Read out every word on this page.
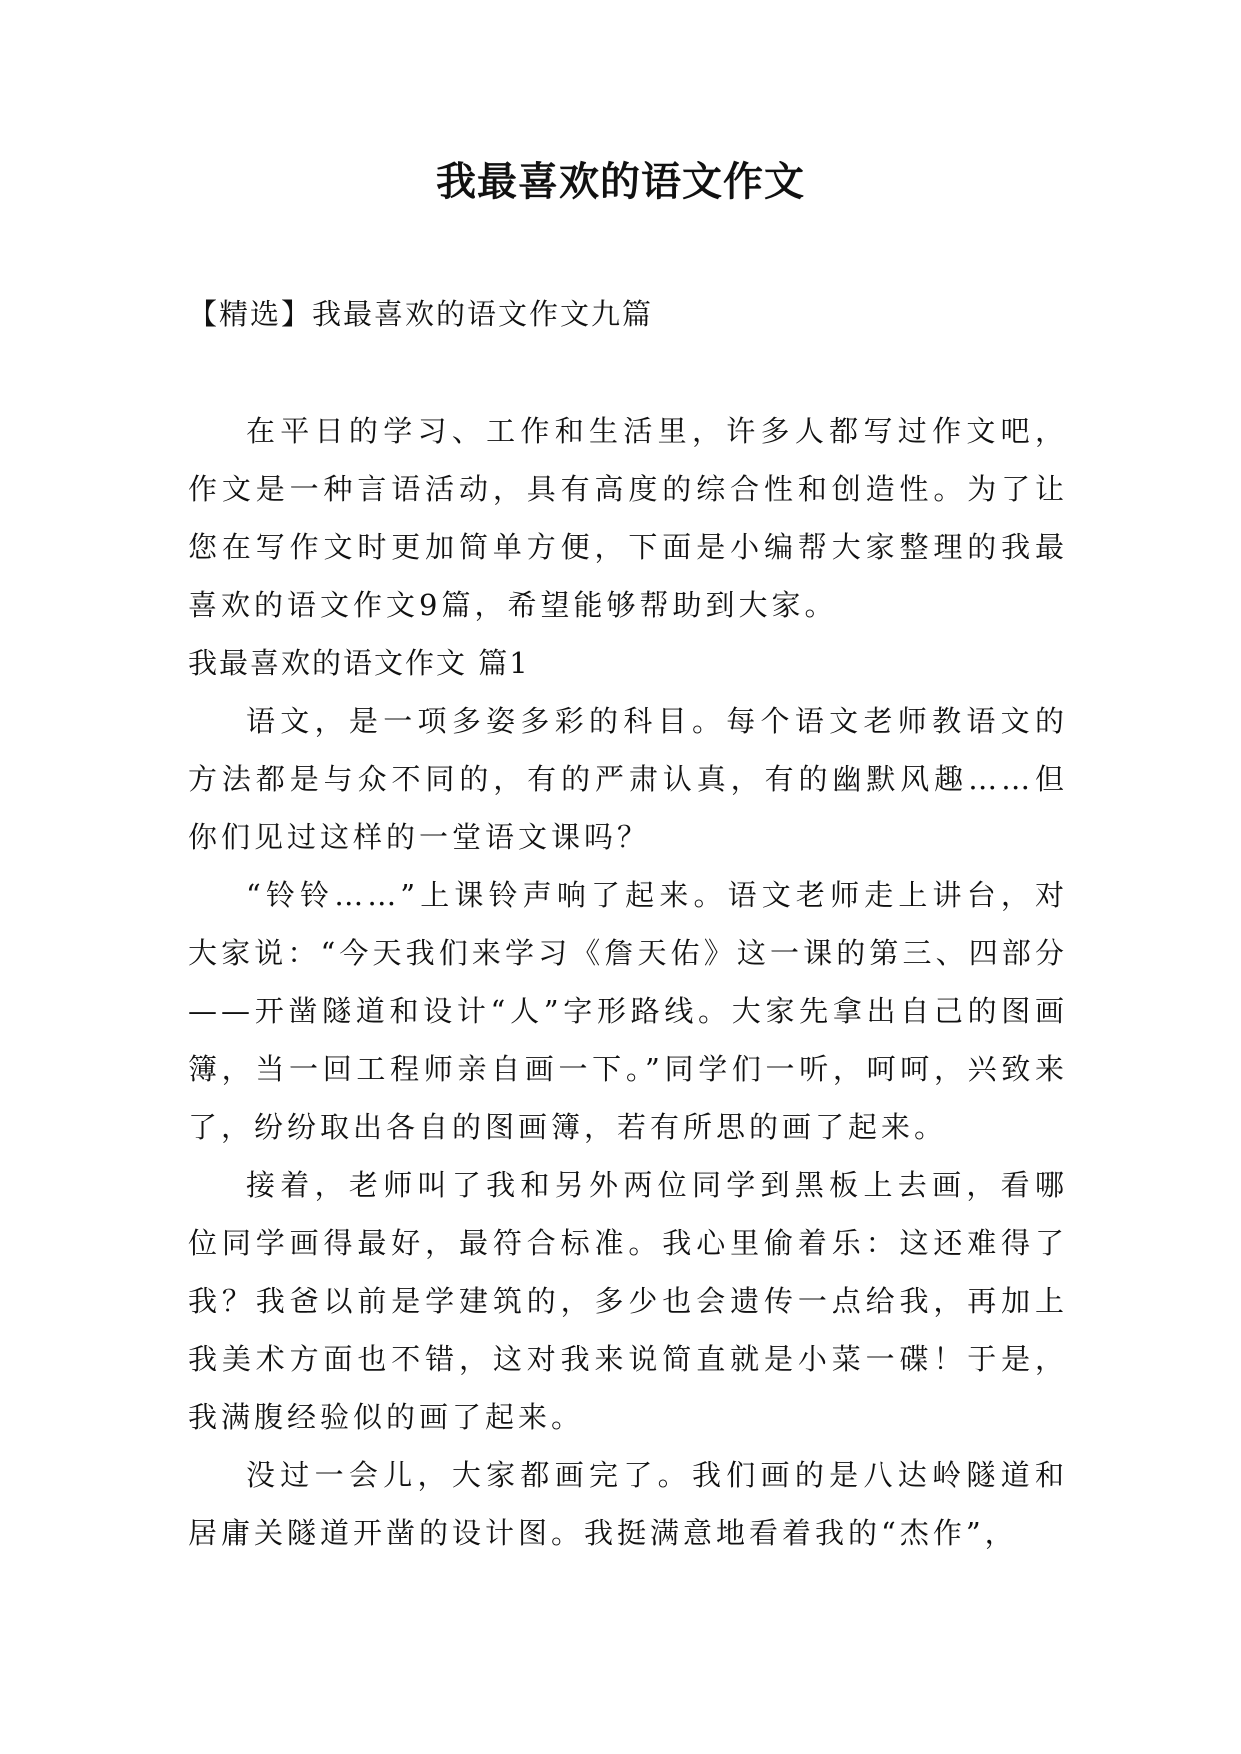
我最喜欢的语文作文
【精选】我最喜欢的语文作文九篇

在平日的学习、工作和生活里，许多人都写过作文吧，作文是一种言语活动，具有高度的综合性和创造性。为了让您在写作文时更加简单方便，下面是小编帮大家整理的我最喜欢的语文作文9篇，希望能够帮助到大家。

我最喜欢的语文作文 篇1

语文，是一项多姿多彩的科目。每个语文老师教语文的方法都是与众不同的，有的严肃认真，有的幽默风趣……但你们见过这样的一堂语文课吗？

“铃铃……”上课铃声响了起来。语文老师走上讲台，对大家说：“今天我们来学习《詹天佑》这一课的第三、四部分——开凿隧道和设计“人”字形路线。大家先拿出自己的图画簿，当一回工程师亲自画一下。”同学们一听，呵呵，兴致来了，纷纷取出各自的图画簿，若有所思的画了起来。

接着，老师叫了我和另外两位同学到黑板上去画，看哪位同学画得最好，最符合标准。我心里偷着乐：这还难得了我？我爸以前是学建筑的，多少也会遗传一点给我，再加上我美术方面也不错，这对我来说简直就是小菜一碟！于是，我满腹经验似的画了起来。

没过一会儿，大家都画完了。我们画的是八达岭隧道和居庸关隧道开凿的设计图。我挺满意地看着我的“杰作”，
